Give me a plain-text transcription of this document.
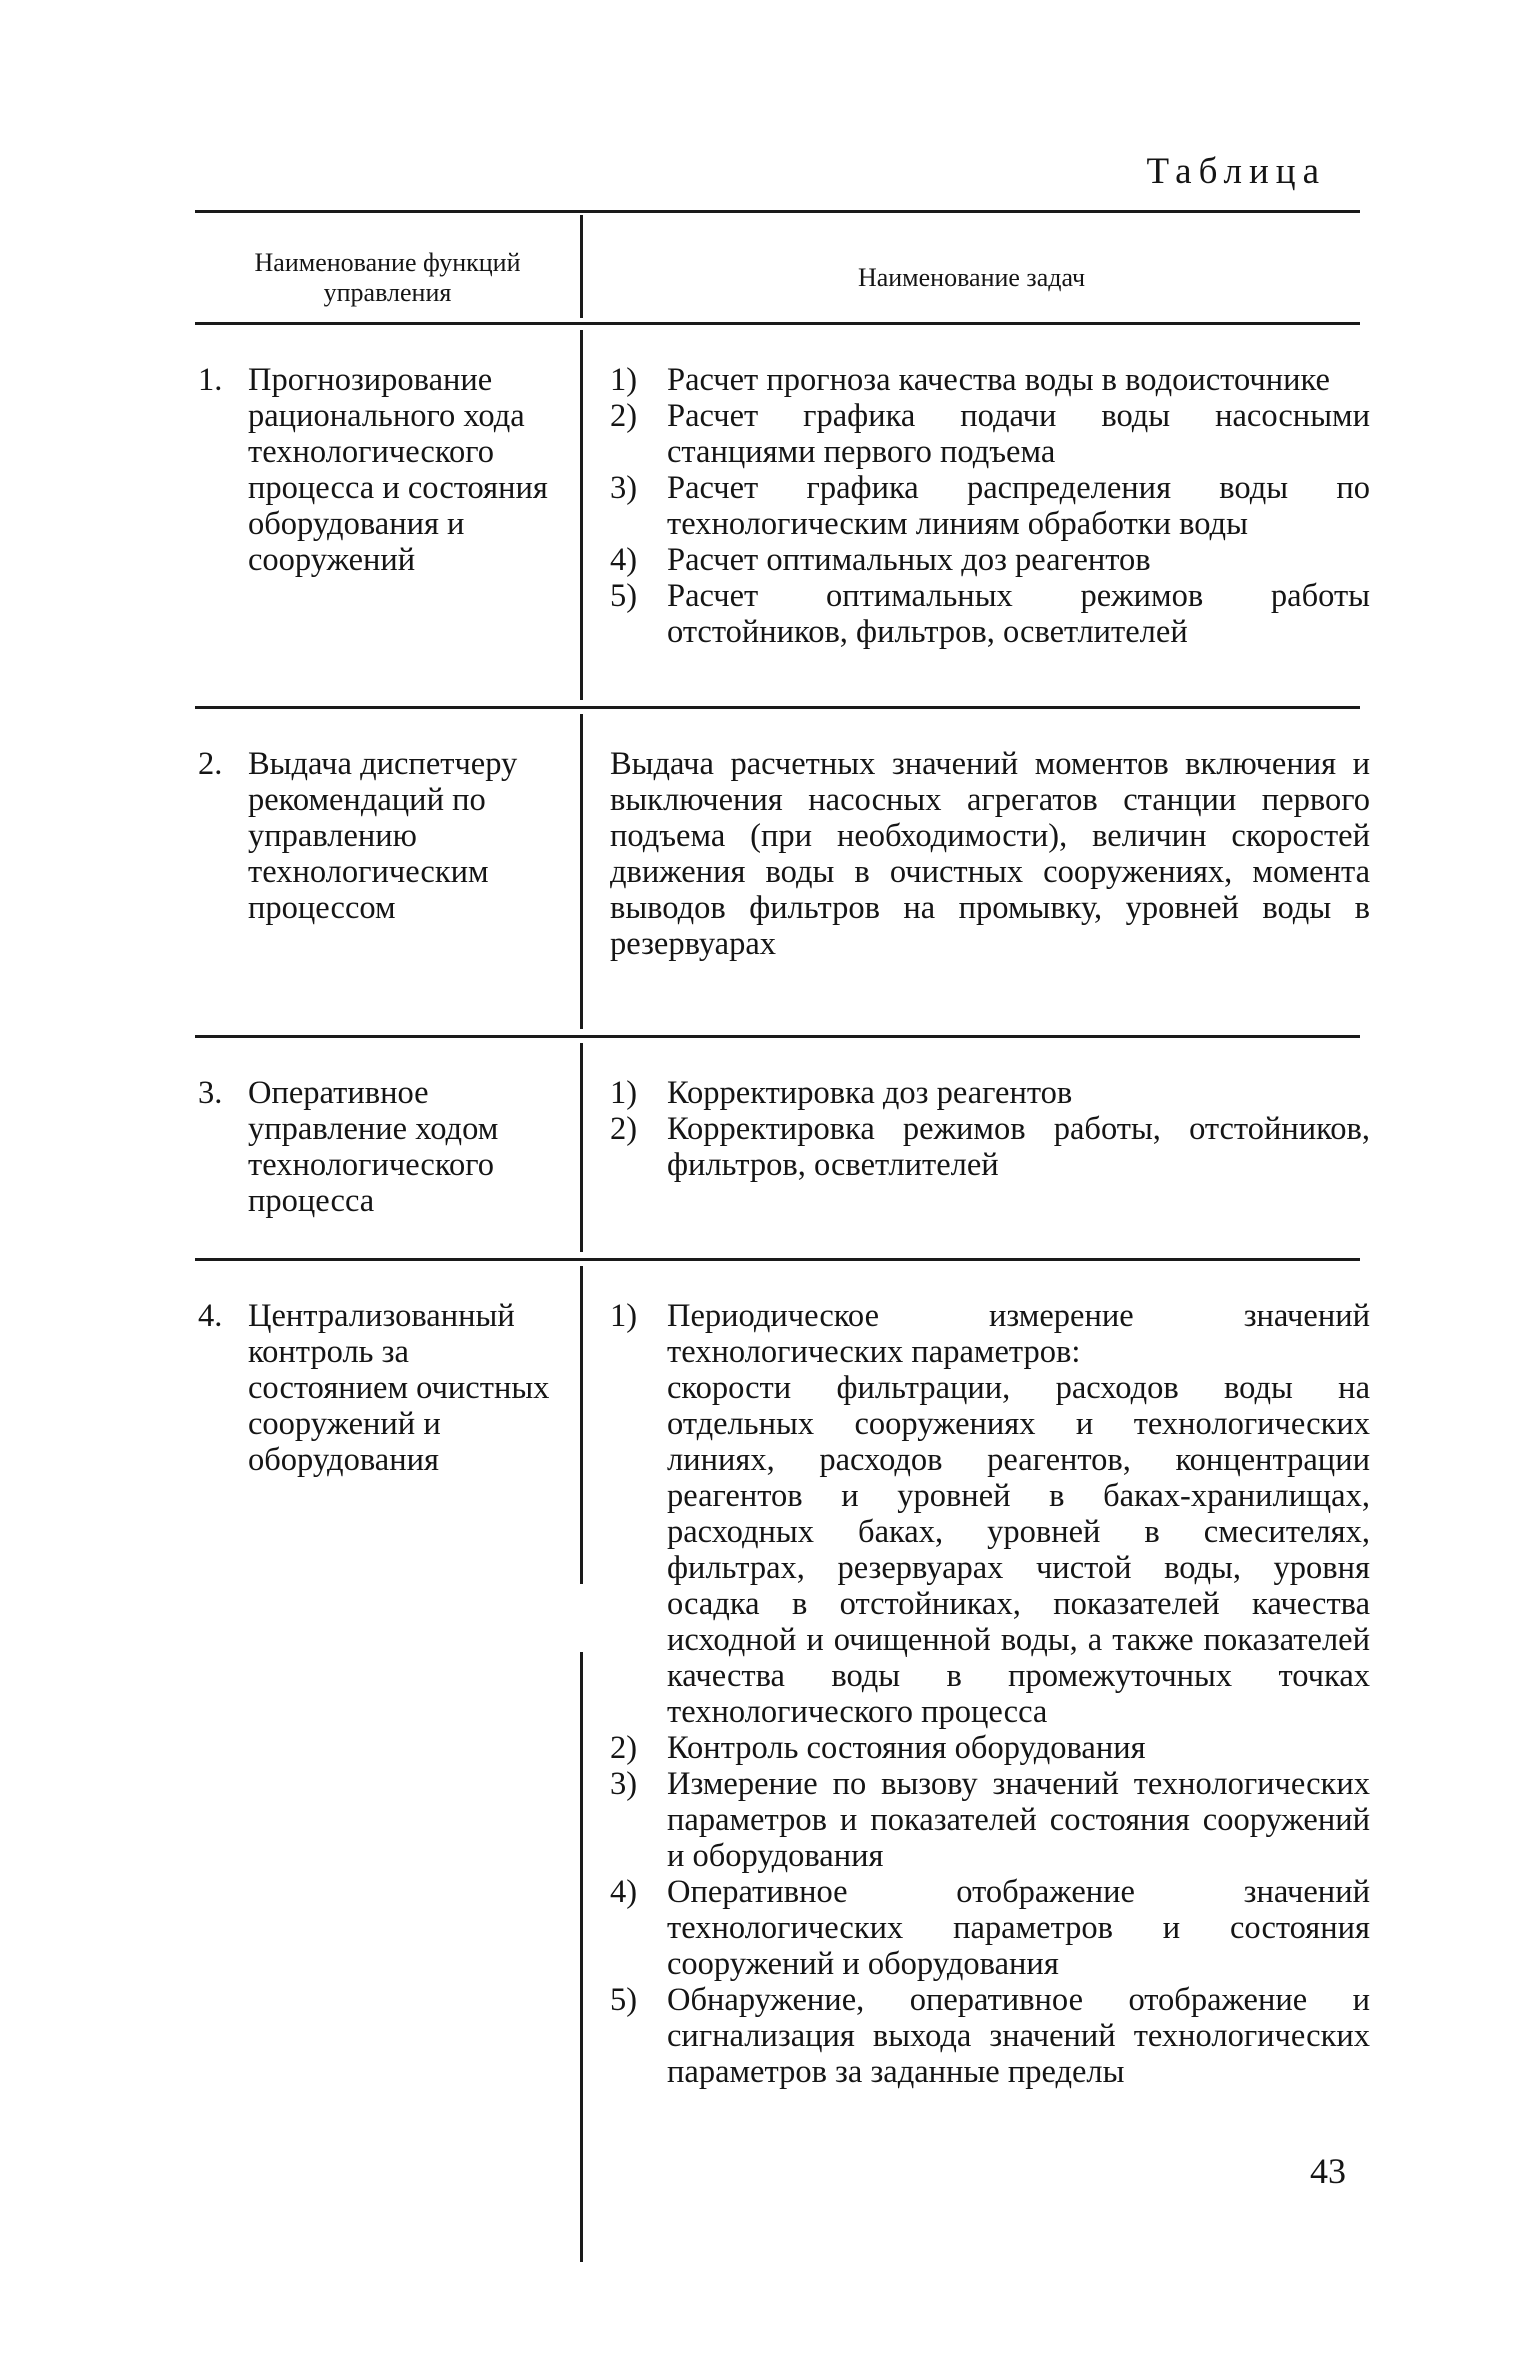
Таблица
Наименование функций управления
Наименование задач
1. Прогнозирование рационального хода технологического процесса и состояния оборудования и сооружений
1) Расчет прогноза качества воды в водоисточнике
2) Расчет графика подачи воды насосными станциями первого подъема
3) Расчет графика распределения воды по технологическим линиям обработки воды
4) Расчет оптимальных доз реагентов
5) Расчет оптимальных режимов работы отстойников, фильтров, осветлителей
2. Выдача диспетчеру рекомендаций по управлению технологическим процессом
Выдача расчетных значений моментов включения и выключения насосных агрегатов станции первого подъема (при необходимости), величин скоростей движения воды в очистных сооружениях, момента выводов фильтров на промывку, уровней воды в резервуарах
3. Оперативное управление ходом технологического процесса
1) Корректировка доз реагентов
2) Корректировка режимов работы, отстойников, фильтров, осветлителей
4. Централизованный контроль за состоянием очистных сооружений и оборудования
1) Периодическое измерение значений технологических параметров:
скорости фильтрации, расходов воды на отдельных сооружениях и технологических линиях, расходов реагентов, концентрации реагентов и уровней в баках-хранилищах, расходных баках, уровней в смесителях, фильтрах, резервуарах чистой воды, уровня осадка в отстойниках, показателей качества исходной и очищенной воды, а также показателей качества воды в промежуточных точках технологического процесса
2) Контроль состояния оборудования
3) Измерение по вызову значений технологических параметров и показателей состояния сооружений и оборудования
4) Оперативное отображение значений технологических параметров и состояния сооружений и оборудования
5) Обнаружение, оперативное отображение и сигнализация выхода значений технологических параметров за заданные пределы
43
